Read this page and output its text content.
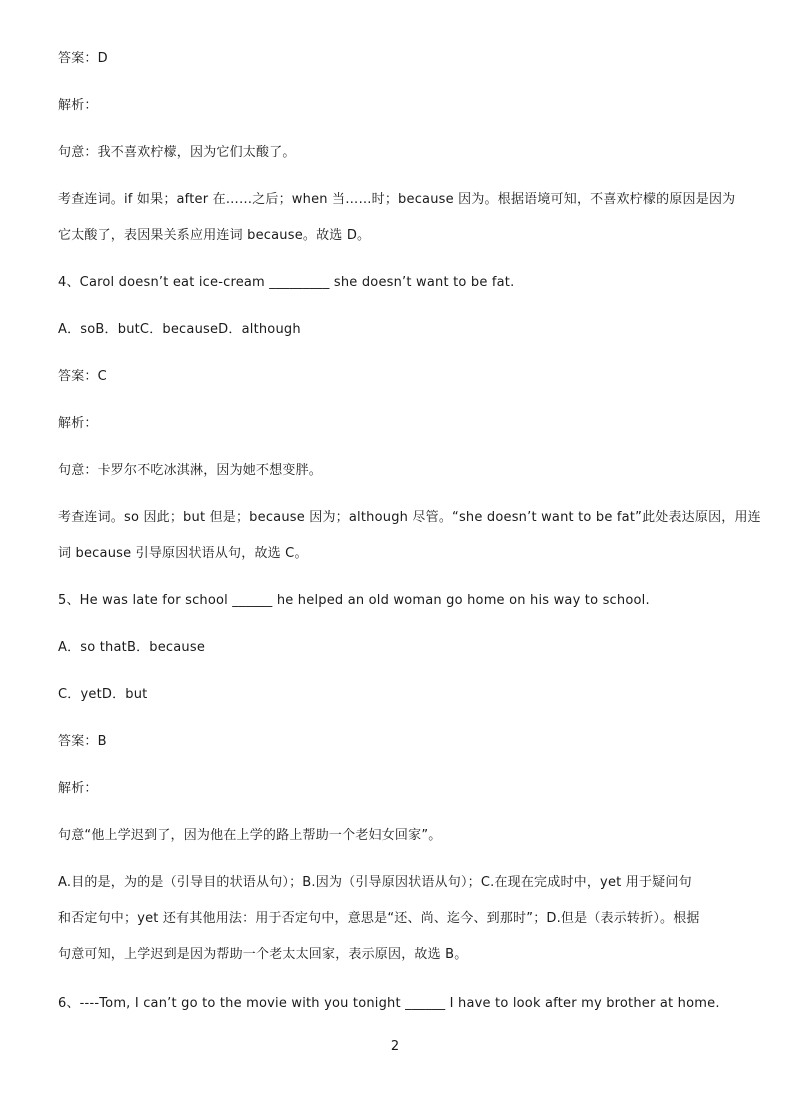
答案：D
解析：
句意：我不喜欢柠檬，因为它们太酸了。
考查连词。if 如果；after 在……之后；when 当……时；because 因为。根据语境可知，不喜欢柠檬的原因是因为
它太酸了，表因果关系应用连词 because。故选 D。
4、Carol doesn’t eat ice-cream _________ she doesn’t want to be fat.
A．soB．butC．becauseD．although
答案：C
解析：
句意：卡罗尔不吃冰淇淋，因为她不想变胖。
考查连词。so 因此；but 但是；because 因为；although 尽管。“she doesn’t want to be fat”此处表达原因，用连
词 because 引导原因状语从句，故选 C。
5、He was late for school ______ he helped an old woman go home on his way to school.
A．so thatB．because
C．yetD．but
答案：B
解析：
句意“他上学迟到了，因为他在上学的路上帮助一个老妇女回家”。
A.目的是，为的是（引导目的状语从句）；B.因为（引导原因状语从句）；C.在现在完成时中，yet 用于疑问句
和否定句中；yet 还有其他用法：用于否定句中，意思是“还、尚、迄今、到那时”；D.但是（表示转折）。根据
句意可知，上学迟到是因为帮助一个老太太回家，表示原因，故选 B。
6、----Tom, I can’t go to the movie with you tonight ______ I have to look after my brother at home.
2
